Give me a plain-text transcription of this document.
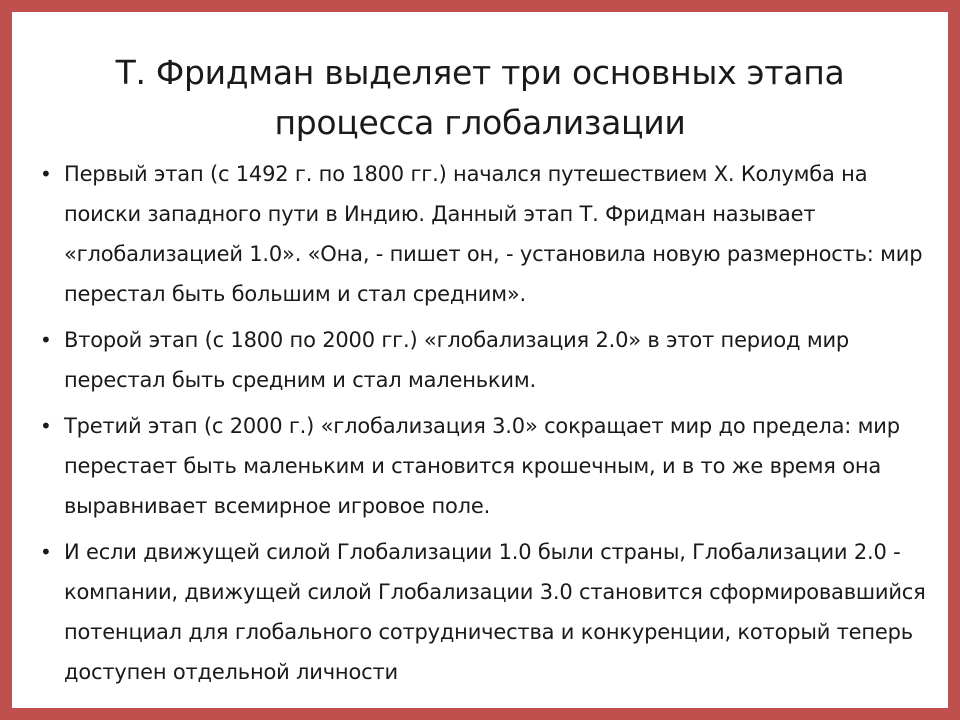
Т. Фридман выделяет три основных этапа
процесса глобализации
• Первый этап (с 1492 г. по 1800 гг.) начался путешествием Х. Колумба на поиски западного пути в Индию. Данный этап Т. Фридман называет «глобализацией 1.0». «Она, - пишет он, - установила новую размерность: мир перестал быть большим и стал средним».
• Второй этап (с 1800 по 2000 гг.) «глобализация 2.0» в этот период мир перестал быть средним и стал маленьким.
• Третий этап (с 2000 г.) «глобализация 3.0» сокращает мир до предела: мир перестает быть маленьким и становится крошечным, и в то же время она выравнивает всемирное игровое поле.
• И если движущей силой Глобализации 1.0 были страны, Глобализации 2.0 - компании, движущей силой Глобализации 3.0 становится сформировавшийся потенциал для глобального сотрудничества и конкуренции, который теперь доступен отдельной личности
